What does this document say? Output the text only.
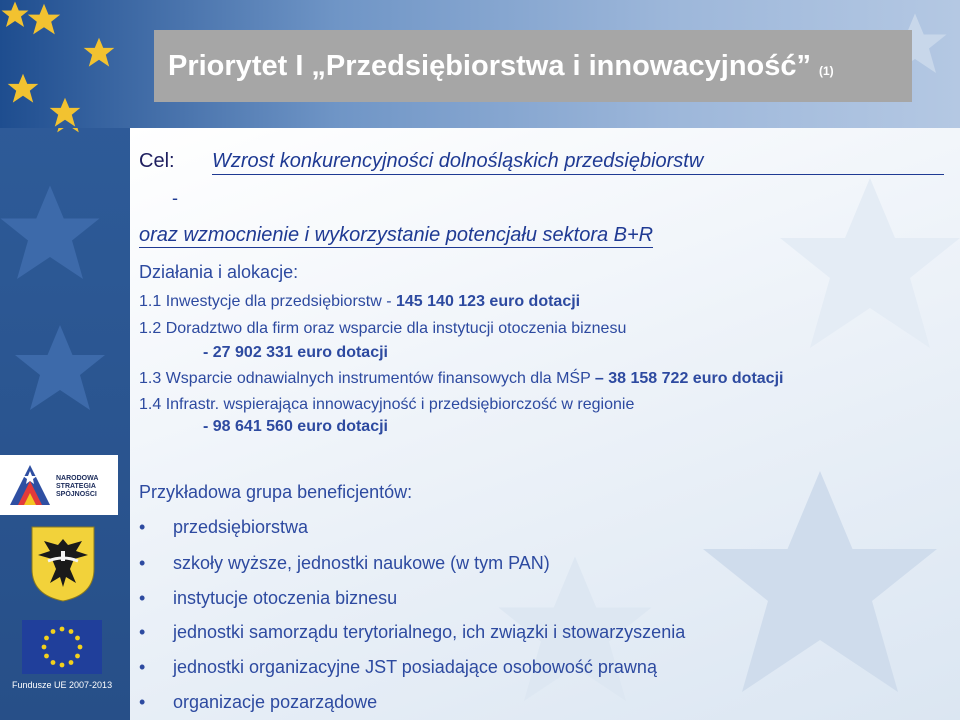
Priorytet I „Przedsiębiorstwa i innowacyjność” (1)
Cel: Wzrost konkurencyjności dolnośląskich przedsiębiorstw
-
oraz wzmocnienie i wykorzystanie potencjału sektora B+R
Działania i alokacje:
1.1 Inwestycje dla przedsiębiorstw - 145 140 123 euro dotacji
1.2 Doradztwo dla firm oraz wsparcie dla instytucji otoczenia biznesu
- 27 902 331 euro dotacji
1.3 Wsparcie odnawialnych instrumentów finansowych dla MŚP – 38 158 722 euro dotacji
1.4 Infrastr. wspierająca innowacyjność i przedsiębiorczość w regionie
- 98 641 560 euro dotacji
Przykładowa grupa beneficjentów:
• przedsiębiorstwa
• szkoły wyższe, jednostki naukowe (w tym PAN)
• instytucje otoczenia biznesu
• jednostki samorządu terytorialnego, ich związki i stowarzyszenia
• jednostki organizacyjne JST posiadające osobowość prawną
• organizacje pozarządowe
NARODOWA
STRATEGIA SPÓJNOŚCI
Fundusze UE 2007-2013
